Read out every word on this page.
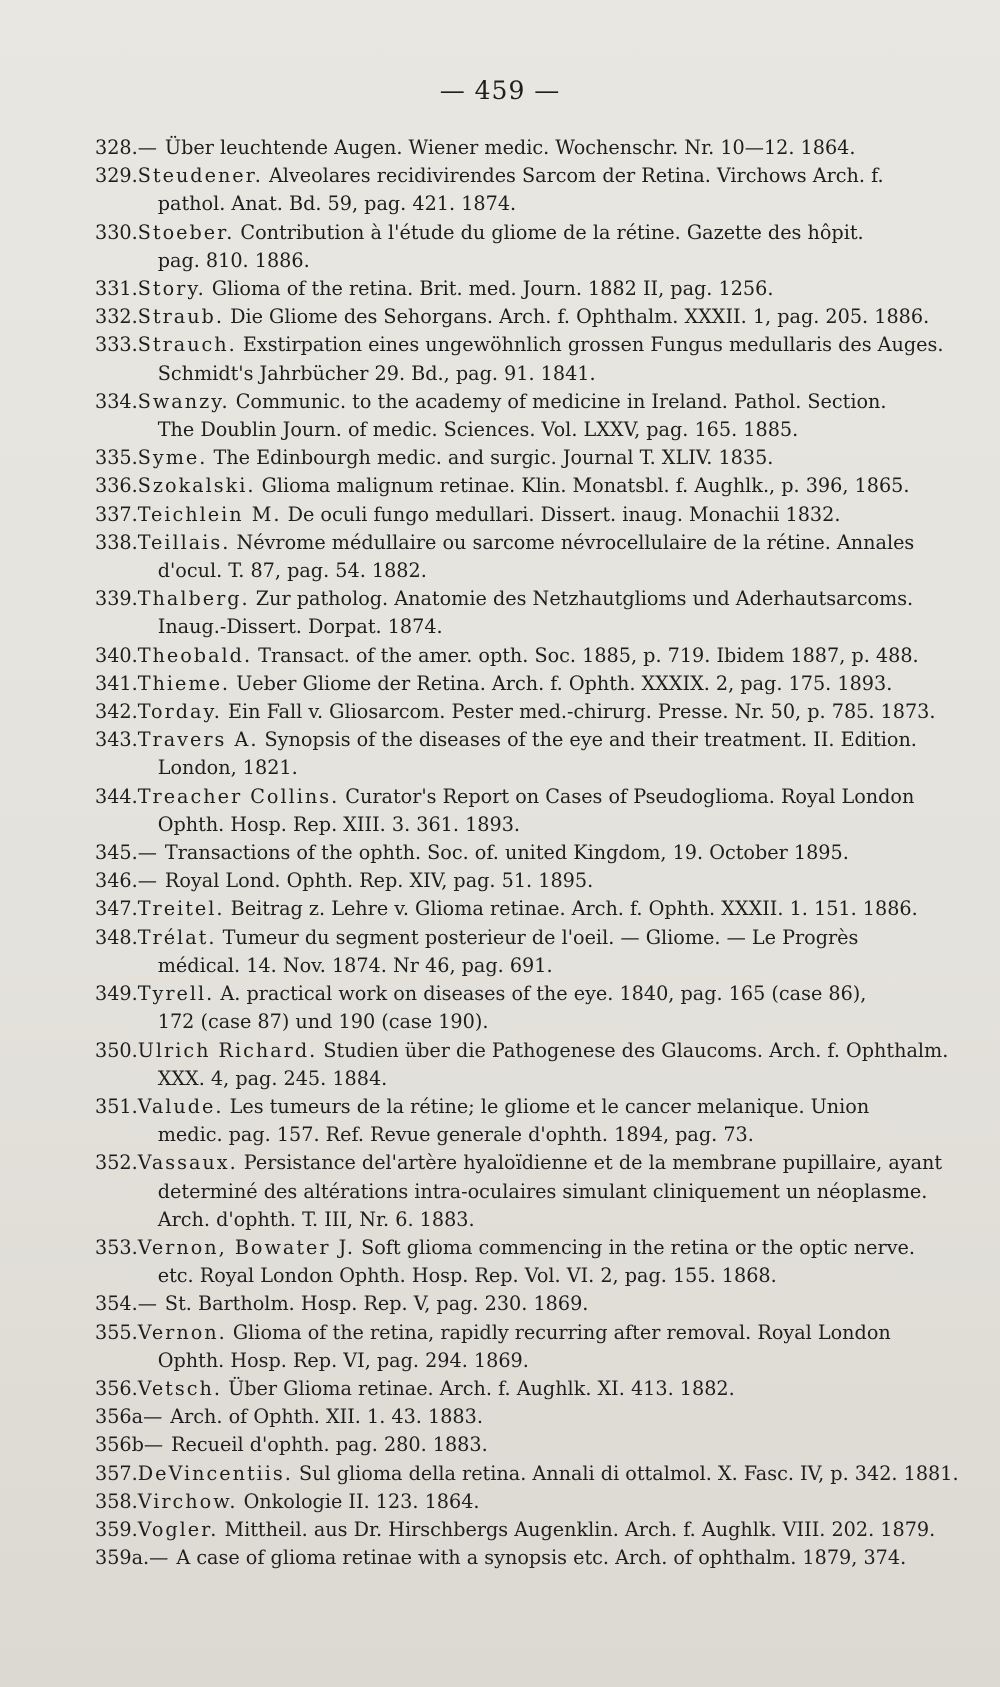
— 459 —
328. — Über leuchtende Augen. Wiener medic. Wochenschr. Nr. 10—12. 1864.
329. Steudener. Alveolares recidivirendes Sarcom der Retina. Virchows Arch. f.
pathol. Anat. Bd. 59, pag. 421. 1874.
330. Stoeber. Contribution à l'étude du gliome de la rétine. Gazette des hôpit.
pag. 810. 1886.
331. Story. Glioma of the retina. Brit. med. Journ. 1882 II, pag. 1256.
332. Straub. Die Gliome des Sehorgans. Arch. f. Ophthalm. XXXII. 1, pag. 205. 1886.
333. Strauch. Exstirpation eines ungewöhnlich grossen Fungus medullaris des Auges.
Schmidt's Jahrbücher 29. Bd., pag. 91. 1841.
334. Swanzy. Communic. to the academy of medicine in Ireland. Pathol. Section.
The Doublin Journ. of medic. Sciences. Vol. LXXV, pag. 165. 1885.
335. Syme. The Edinbourgh medic. and surgic. Journal T. XLIV. 1835.
336. Szokalski. Glioma malignum retinae. Klin. Monatsbl. f. Aughlk., p. 396, 1865.
337. Teichlein M. De oculi fungo medullari. Dissert. inaug. Monachii 1832.
338. Teillais. Névrome médullaire ou sarcome névrocellulaire de la rétine. Annales
d'ocul. T. 87, pag. 54. 1882.
339. Thalberg. Zur patholog. Anatomie des Netzhautglioms und Aderhautsarcoms.
Inaug.-Dissert. Dorpat. 1874.
340. Theobald. Transact. of the amer. opth. Soc. 1885, p. 719. Ibidem 1887, p. 488.
341. Thieme. Ueber Gliome der Retina. Arch. f. Ophth. XXXIX. 2, pag. 175. 1893.
342. Torday. Ein Fall v. Gliosarcom. Pester med.-chirurg. Presse. Nr. 50, p. 785. 1873.
343. Travers A. Synopsis of the diseases of the eye and their treatment. II. Edition.
London, 1821.
344. Treacher Collins. Curator's Report on Cases of Pseudoglioma. Royal London
Ophth. Hosp. Rep. XIII. 3. 361. 1893.
345. — Transactions of the ophth. Soc. of. united Kingdom, 19. October 1895.
346. — Royal Lond. Ophth. Rep. XIV, pag. 51. 1895.
347. Treitel. Beitrag z. Lehre v. Glioma retinae. Arch. f. Ophth. XXXII. 1. 151. 1886.
348. Trélat. Tumeur du segment posterieur de l'oeil. — Gliome. — Le Progrès
médical. 14. Nov. 1874. Nr 46, pag. 691.
349. Tyrell. A. practical work on diseases of the eye. 1840, pag. 165 (case 86),
172 (case 87) und 190 (case 190).
350. Ulrich Richard. Studien über die Pathogenese des Glaucoms. Arch. f. Ophthalm.
XXX. 4, pag. 245. 1884.
351. Valude. Les tumeurs de la rétine; le gliome et le cancer melanique. Union
medic. pag. 157. Ref. Revue generale d'ophth. 1894, pag. 73.
352. Vassaux. Persistance del'artère hyaloïdienne et de la membrane pupillaire, ayant
determiné des altérations intra-oculaires simulant cliniquement un néoplasme.
Arch. d'ophth. T. III, Nr. 6. 1883.
353. Vernon, Bowater J. Soft glioma commencing in the retina or the optic nerve.
etc. Royal London Ophth. Hosp. Rep. Vol. VI. 2, pag. 155. 1868.
354. — St. Bartholm. Hosp. Rep. V, pag. 230. 1869.
355. Vernon. Glioma of the retina, rapidly recurring after removal. Royal London
Ophth. Hosp. Rep. VI, pag. 294. 1869.
356. Vetsch. Über Glioma retinae. Arch. f. Aughlk. XI. 413. 1882.
356a — Arch. of Ophth. XII. 1. 43. 1883.
356b — Recueil d'ophth. pag. 280. 1883.
357. DeVincentiis. Sul glioma della retina. Annali di ottalmol. X. Fasc. IV, p. 342. 1881.
358. Virchow. Onkologie II. 123. 1864.
359. Vogler. Mittheil. aus Dr. Hirschbergs Augenklin. Arch. f. Aughlk. VIII. 202. 1879.
359a. — A case of glioma retinae with a synopsis etc. Arch. of ophthalm. 1879, 374.
